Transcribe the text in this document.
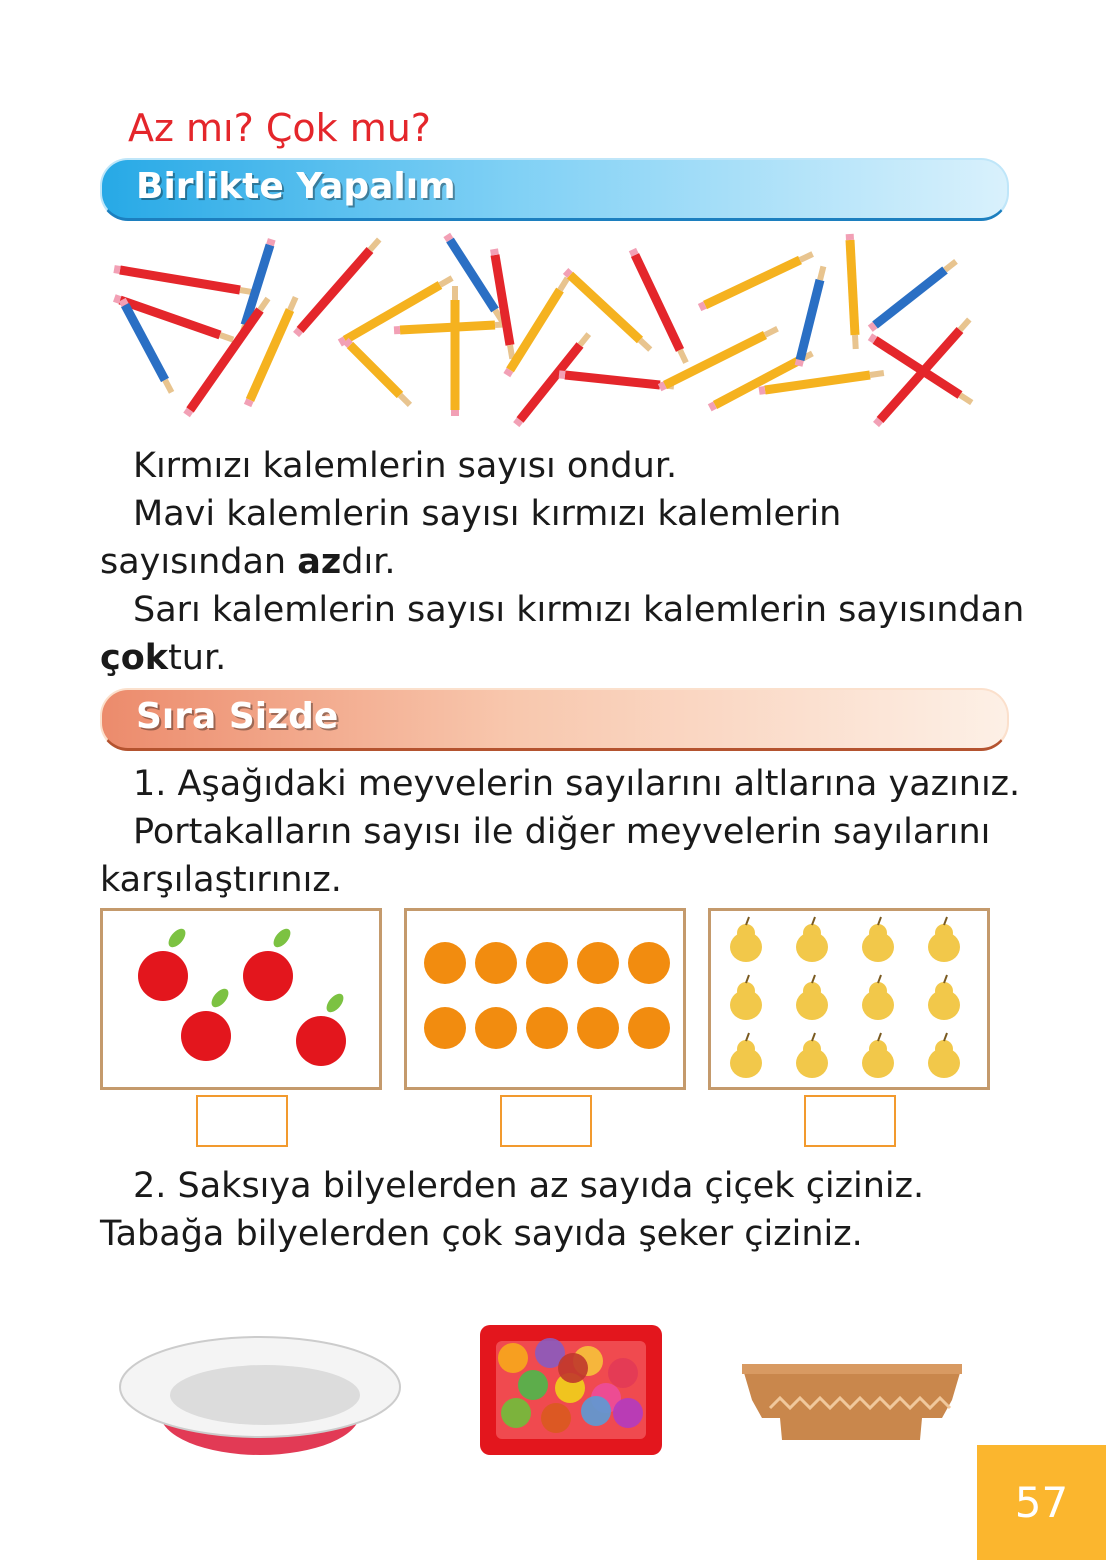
Az mı? Çok mu?
Birlikte Yapalım
Kırmızı kalemlerin sayısı ondur.
Mavi kalemlerin sayısı kırmızı kalemlerin
sayısından azdır.
Sarı kalemlerin sayısı kırmızı kalemlerin sayısından
çoktur.
Sıra Sizde
1. Aşağıdaki meyvelerin sayılarını altlarına yazınız.
Portakalların sayısı ile diğer meyvelerin sayılarını
karşılaştırınız.
2. Saksıya bilyelerden az sayıda çiçek çiziniz.
Tabağa bilyelerden çok sayıda şeker çiziniz.
57
